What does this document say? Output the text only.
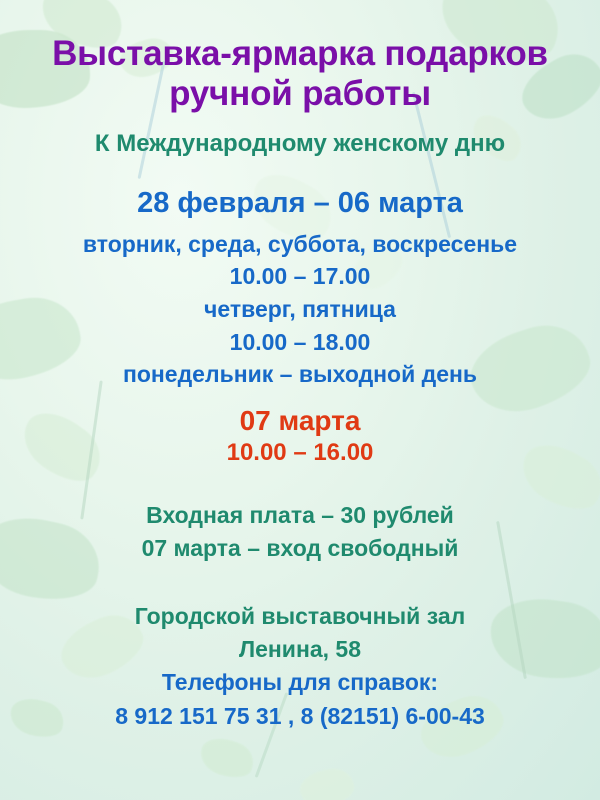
Выставка-ярмарка подарков ручной работы
К Международному женскому дню
28 февраля – 06 марта
вторник, среда, суббота, воскресенье
10.00 – 17.00
четверг, пятница
10.00 – 18.00
понедельник – выходной день
07 марта
10.00 – 16.00
Входная плата – 30 рублей
07 марта – вход свободный
Городской выставочный зал
Ленина, 58
Телефоны для справок:
8 912 151 75 31 , 8 (82151) 6-00-43
